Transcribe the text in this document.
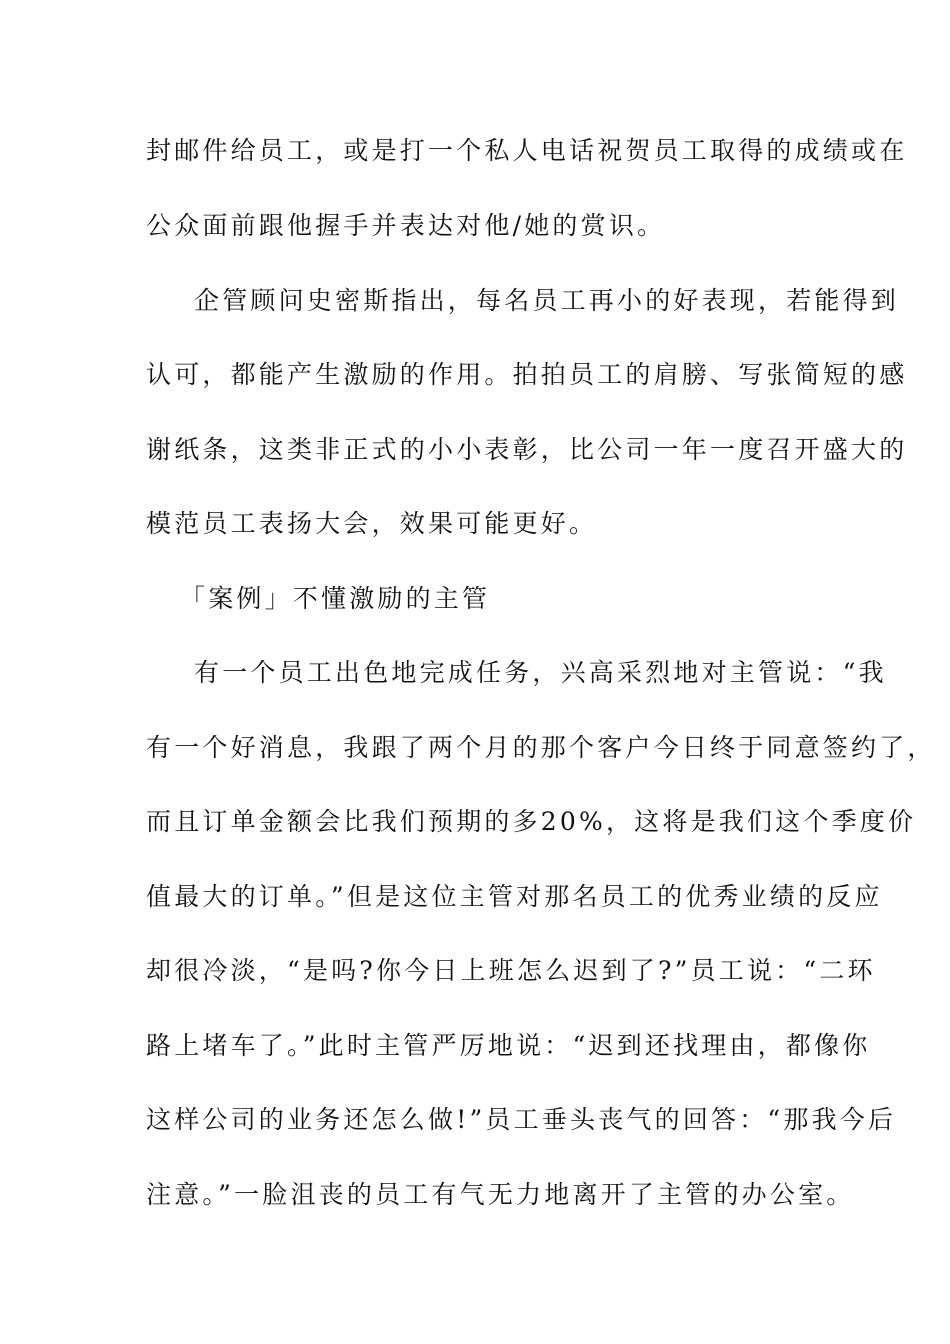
封邮件给员工，或是打一个私人电话祝贺员工取得的成绩或在
公众面前跟他握手并表达对他/她的赏识。
企管顾问史密斯指出，每名员工再小的好表现，若能得到
认可，都能产生激励的作用。拍拍员工的肩膀、写张简短的感
谢纸条，这类非正式的小小表彰，比公司一年一度召开盛大的
模范员工表扬大会，效果可能更好。
「案例」不懂激励的主管
有一个员工出色地完成任务，兴高采烈地对主管说：“我
有一个好消息，我跟了两个月的那个客户今日终于同意签约了，
而且订单金额会比我们预期的多20%，这将是我们这个季度价
值最大的订单。”但是这位主管对那名员工的优秀业绩的反应
却很冷淡，“是吗?你今日上班怎么迟到了?”员工说：“二环
路上堵车了。”此时主管严厉地说：“迟到还找理由，都像你
这样公司的业务还怎么做!”员工垂头丧气的回答：“那我今后
注意。”一脸沮丧的员工有气无力地离开了主管的办公室。
